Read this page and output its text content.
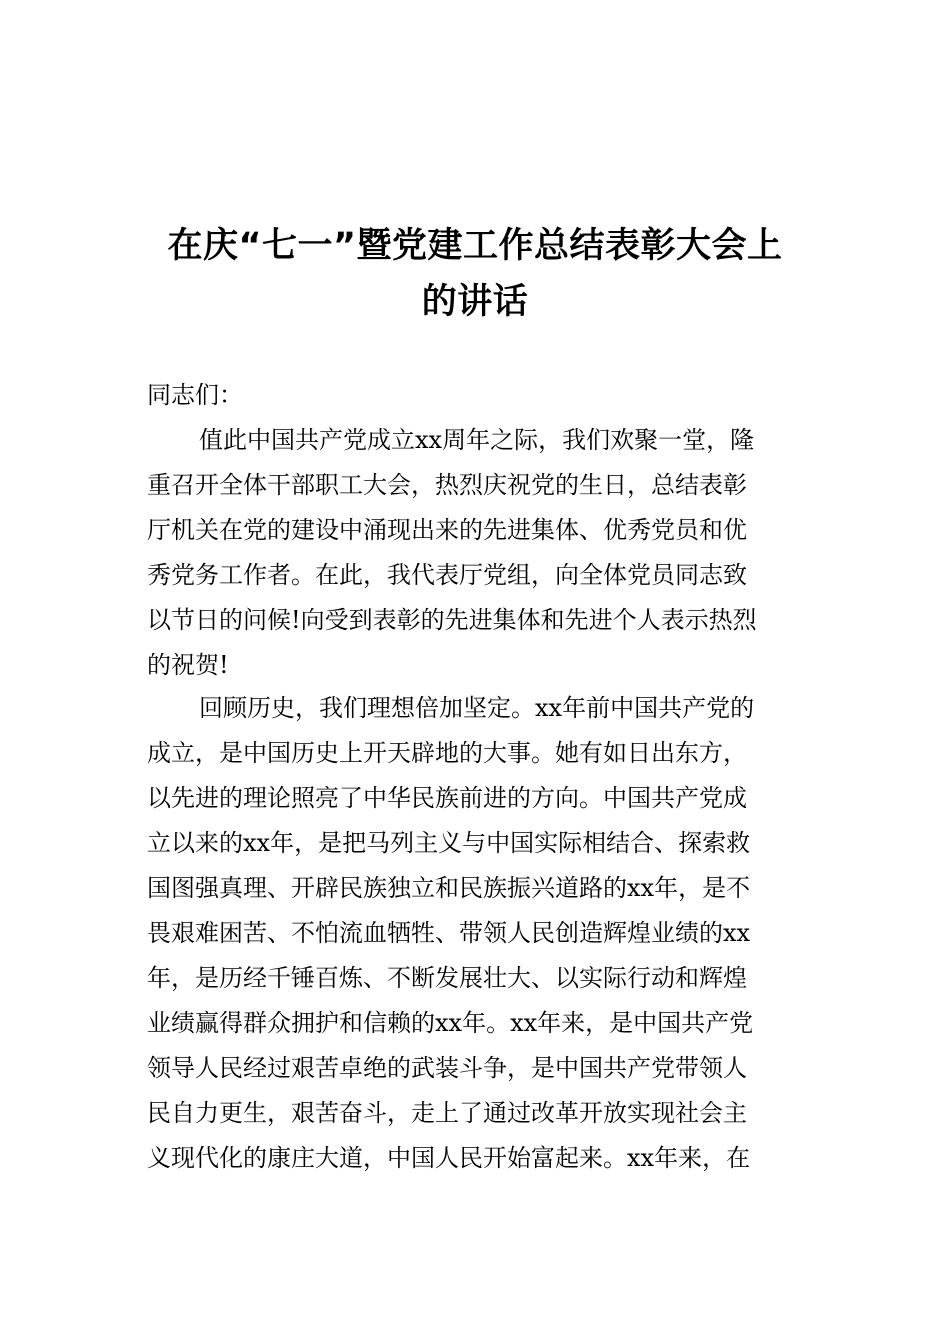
在庆“七一”暨党建工作总结表彰大会上
的讲话
同志们：
值此中国共产党成立xx周年之际，我们欢聚一堂，隆
重召开全体干部职工大会，热烈庆祝党的生日，总结表彰
厅机关在党的建设中涌现出来的先进集体、优秀党员和优
秀党务工作者。在此，我代表厅党组，向全体党员同志致
以节日的问候!向受到表彰的先进集体和先进个人表示热烈
的祝贺!
回顾历史，我们理想倍加坚定。xx年前中国共产党的
成立，是中国历史上开天辟地的大事。她有如日出东方，
以先进的理论照亮了中华民族前进的方向。中国共产党成
立以来的xx年，是把马列主义与中国实际相结合、探索救
国图强真理、开辟民族独立和民族振兴道路的xx年，是不
畏艰难困苦、不怕流血牺牲、带领人民创造辉煌业绩的xx
年，是历经千锤百炼、不断发展壮大、以实际行动和辉煌
业绩赢得群众拥护和信赖的xx年。xx年来，是中国共产党
领导人民经过艰苦卓绝的武装斗争，是中国共产党带领人
民自力更生，艰苦奋斗，走上了通过改革开放实现社会主
义现代化的康庄大道，中国人民开始富起来。xx年来，在
